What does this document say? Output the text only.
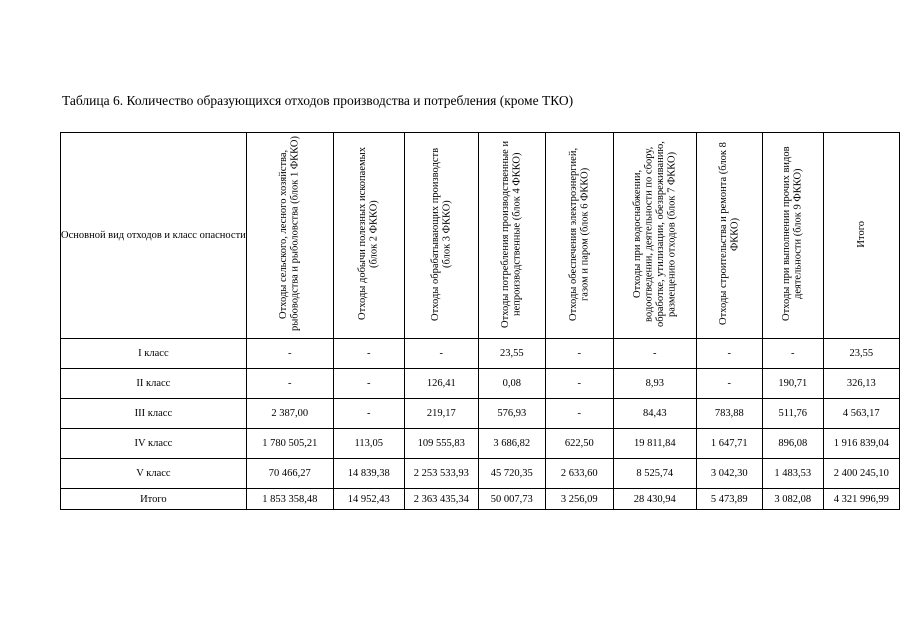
Таблица 6. Количество образующихся отходов производства и потребления (кроме ТКО)
Основной вид отходов и класс опасности	Отходы сельского, лесного хозяйства, рыбоводства и рыболовства (блок 1 ФККО)	Отходы добычи полезных ископаемых (блок 2 ФККО)	Отходы обрабатывающих производств (блок 3 ФККО)	Отходы потребления производственные и непроизводственные (блок 4 ФККО)	Отходы обеспечения электроэнергией, газом и паром (блок 6 ФККО)	Отходы при водоснабжении, водоотведении, деятельности по сбору, обработке, утилизации, обезвреживанию, размещению отходов (блок 7 ФККО)	Отходы строительства и ремонта (блок 8 ФККО)	Отходы при выполнении прочих видов деятельности (блок 9 ФККО)	Итого
I класс	-	-	-	23,55	-	-	-	-	23,55
II класс	-	-	126,41	0,08	-	8,93	-	190,71	326,13
III класс	2 387,00	-	219,17	576,93	-	84,43	783,88	511,76	4 563,17
IV класс	1 780 505,21	113,05	109 555,83	3 686,82	622,50	19 811,84	1 647,71	896,08	1 916 839,04
V класс	70 466,27	14 839,38	2 253 533,93	45 720,35	2 633,60	8 525,74	3 042,30	1 483,53	2 400 245,10
Итого	1 853 358,48	14 952,43	2 363 435,34	50 007,73	3 256,09	28 430,94	5 473,89	3 082,08	4 321 996,99
